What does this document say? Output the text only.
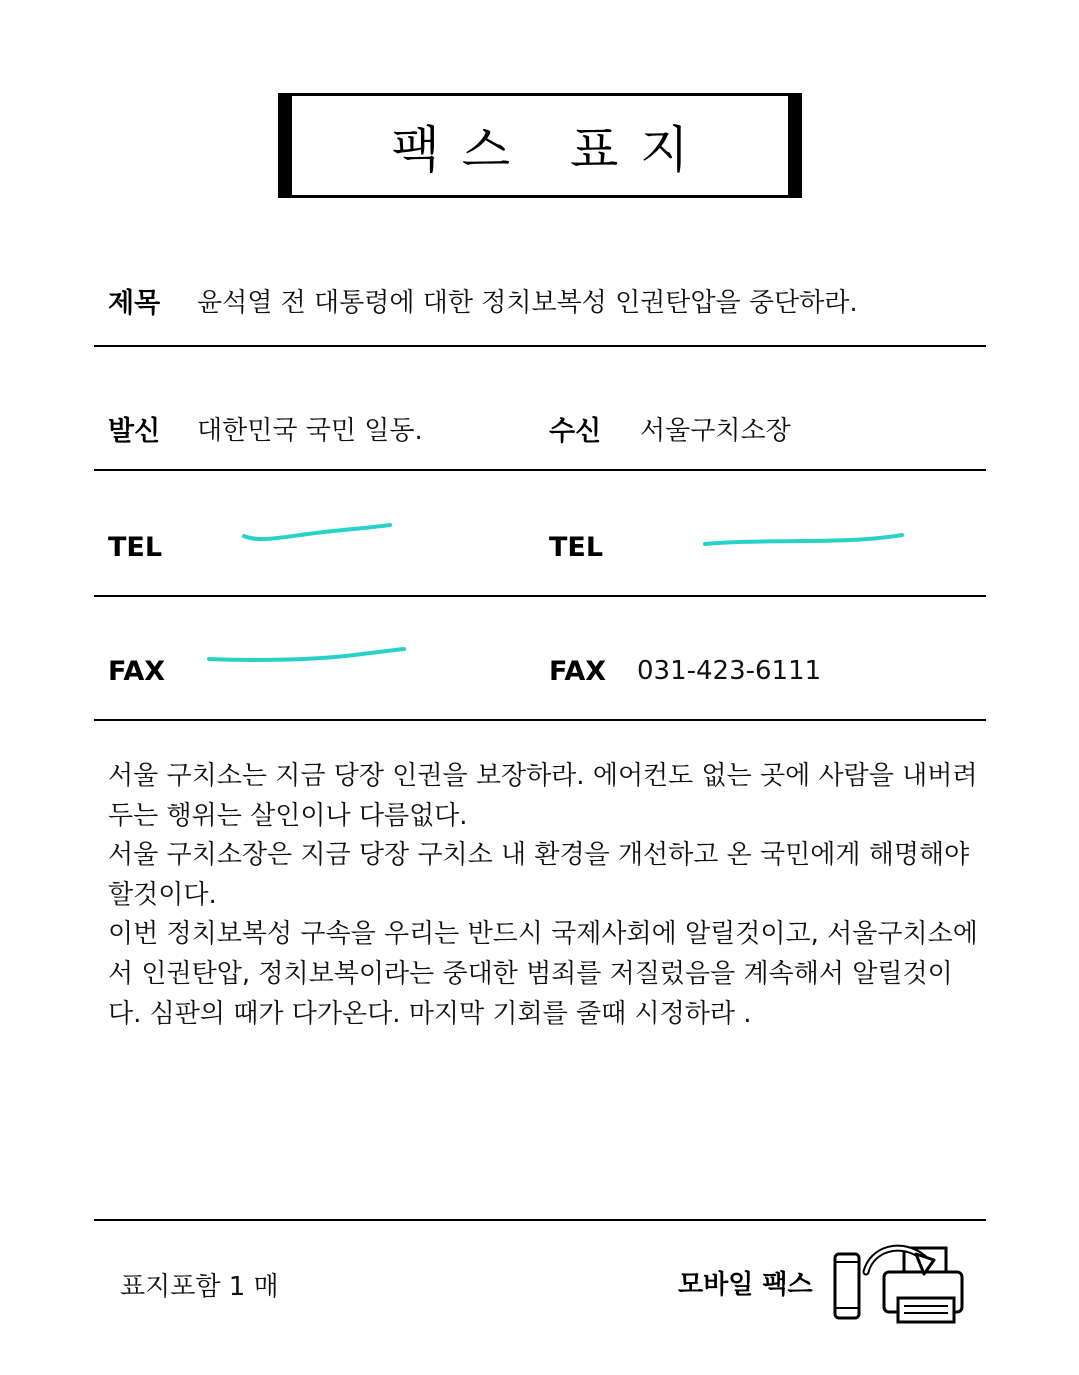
팩스 표지
제목 윤석열 전 대통령에 대한 정치보복성 인권탄압을 중단하라.
발신 대한민국 국민 일동.	수신 서울구치소장
TEL	TEL
FAX	FAX 031-423-6111

서울 구치소는 지금 당장 인권을 보장하라. 에어컨도 없는 곳에 사람을 내버려두는 행위는 살인이나 다름없다.

서울 구치소장은 지금 당장 구치소 내 환경을 개선하고 온 국민에게 해명해야할것이다.

이번 정치보복성 구속을 우리는 반드시 국제사회에 알릴것이고, 서울구치소에서 인권탄압, 정치보복이라는 중대한 범죄를 저질렀음을 계속해서 알릴것이다. 심판의 때가 다가온다. 마지막 기회를 줄때 시정하라 .

표지포함 1 매	모바일 팩스
